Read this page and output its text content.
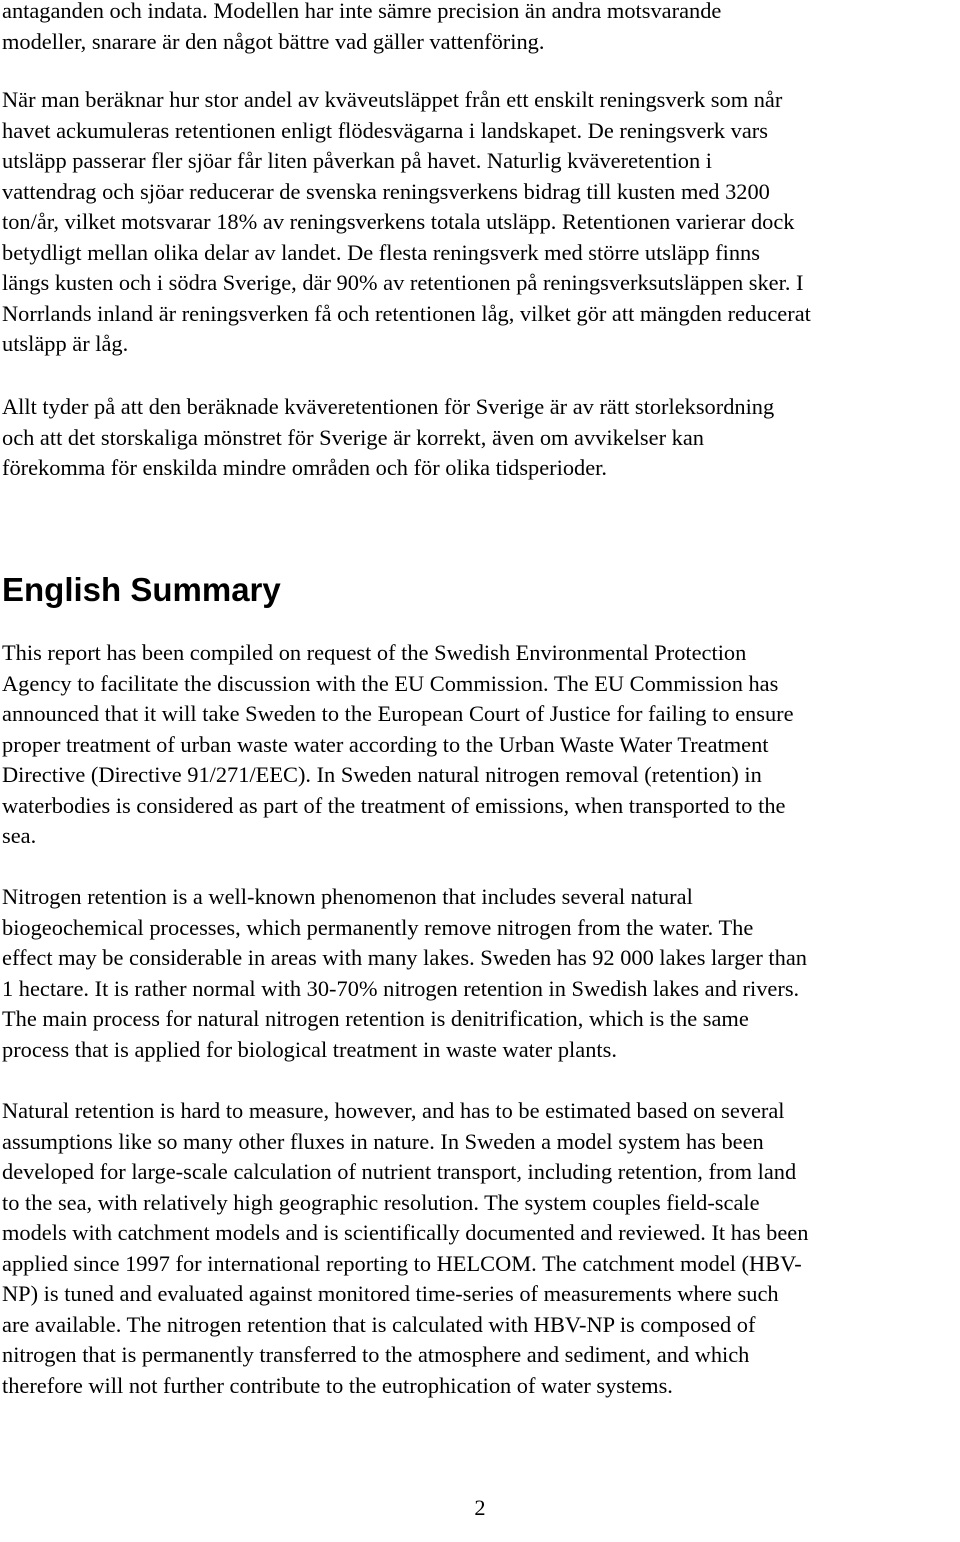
antaganden och indata. Modellen har inte sämre precision än andra motsvarande
modeller, snarare är den något bättre vad gäller vattenföring.

När man beräknar hur stor andel av kväveutsläppet från ett enskilt reningsverk som når
havet ackumuleras retentionen enligt flödesvägarna i landskapet. De reningsverk vars
utsläpp passerar fler sjöar får liten påverkan på havet. Naturlig kväveretention i
vattendrag och sjöar reducerar de svenska reningsverkens bidrag till kusten med 3200
ton/år, vilket motsvarar 18% av reningsverkens totala utsläpp. Retentionen varierar dock
betydligt mellan olika delar av landet. De flesta reningsverk med större utsläpp finns
längs kusten och i södra Sverige, där 90% av retentionen på reningsverksutsläppen sker. I
Norrlands inland är reningsverken få och retentionen låg, vilket gör att mängden reducerat
utsläpp är låg.

Allt tyder på att den beräknade kväveretentionen för Sverige är av rätt storleksordning
och att det storskaliga mönstret för Sverige är korrekt, även om avvikelser kan
förekomma för enskilda mindre områden och för olika tidsperioder.

English Summary

This report has been compiled on request of the Swedish Environmental Protection
Agency to facilitate the discussion with the EU Commission. The EU Commission has
announced that it will take Sweden to the European Court of Justice for failing to ensure
proper treatment of urban waste water according to the Urban Waste Water Treatment
Directive (Directive 91/271/EEC). In Sweden natural nitrogen removal (retention) in
waterbodies is considered as part of the treatment of emissions, when transported to the
sea.

Nitrogen retention is a well-known phenomenon that includes several natural
biogeochemical processes, which permanently remove nitrogen from the water. The
effect may be considerable in areas with many lakes. Sweden has 92 000 lakes larger than
1 hectare. It is rather normal with 30-70% nitrogen retention in Swedish lakes and rivers.
The main process for natural nitrogen retention is denitrification, which is the same
process that is applied for biological treatment in waste water plants.

Natural retention is hard to measure, however, and has to be estimated based on several
assumptions like so many other fluxes in nature. In Sweden a model system has been
developed for large-scale calculation of nutrient transport, including retention, from land
to the sea, with relatively high geographic resolution. The system couples field-scale
models with catchment models and is scientifically documented and reviewed. It has been
applied since 1997 for international reporting to HELCOM. The catchment model (HBV-
NP) is tuned and evaluated against monitored time-series of measurements where such
are available. The nitrogen retention that is calculated with HBV-NP is composed of
nitrogen that is permanently transferred to the atmosphere and sediment, and which
therefore will not further contribute to the eutrophication of water systems.

2
